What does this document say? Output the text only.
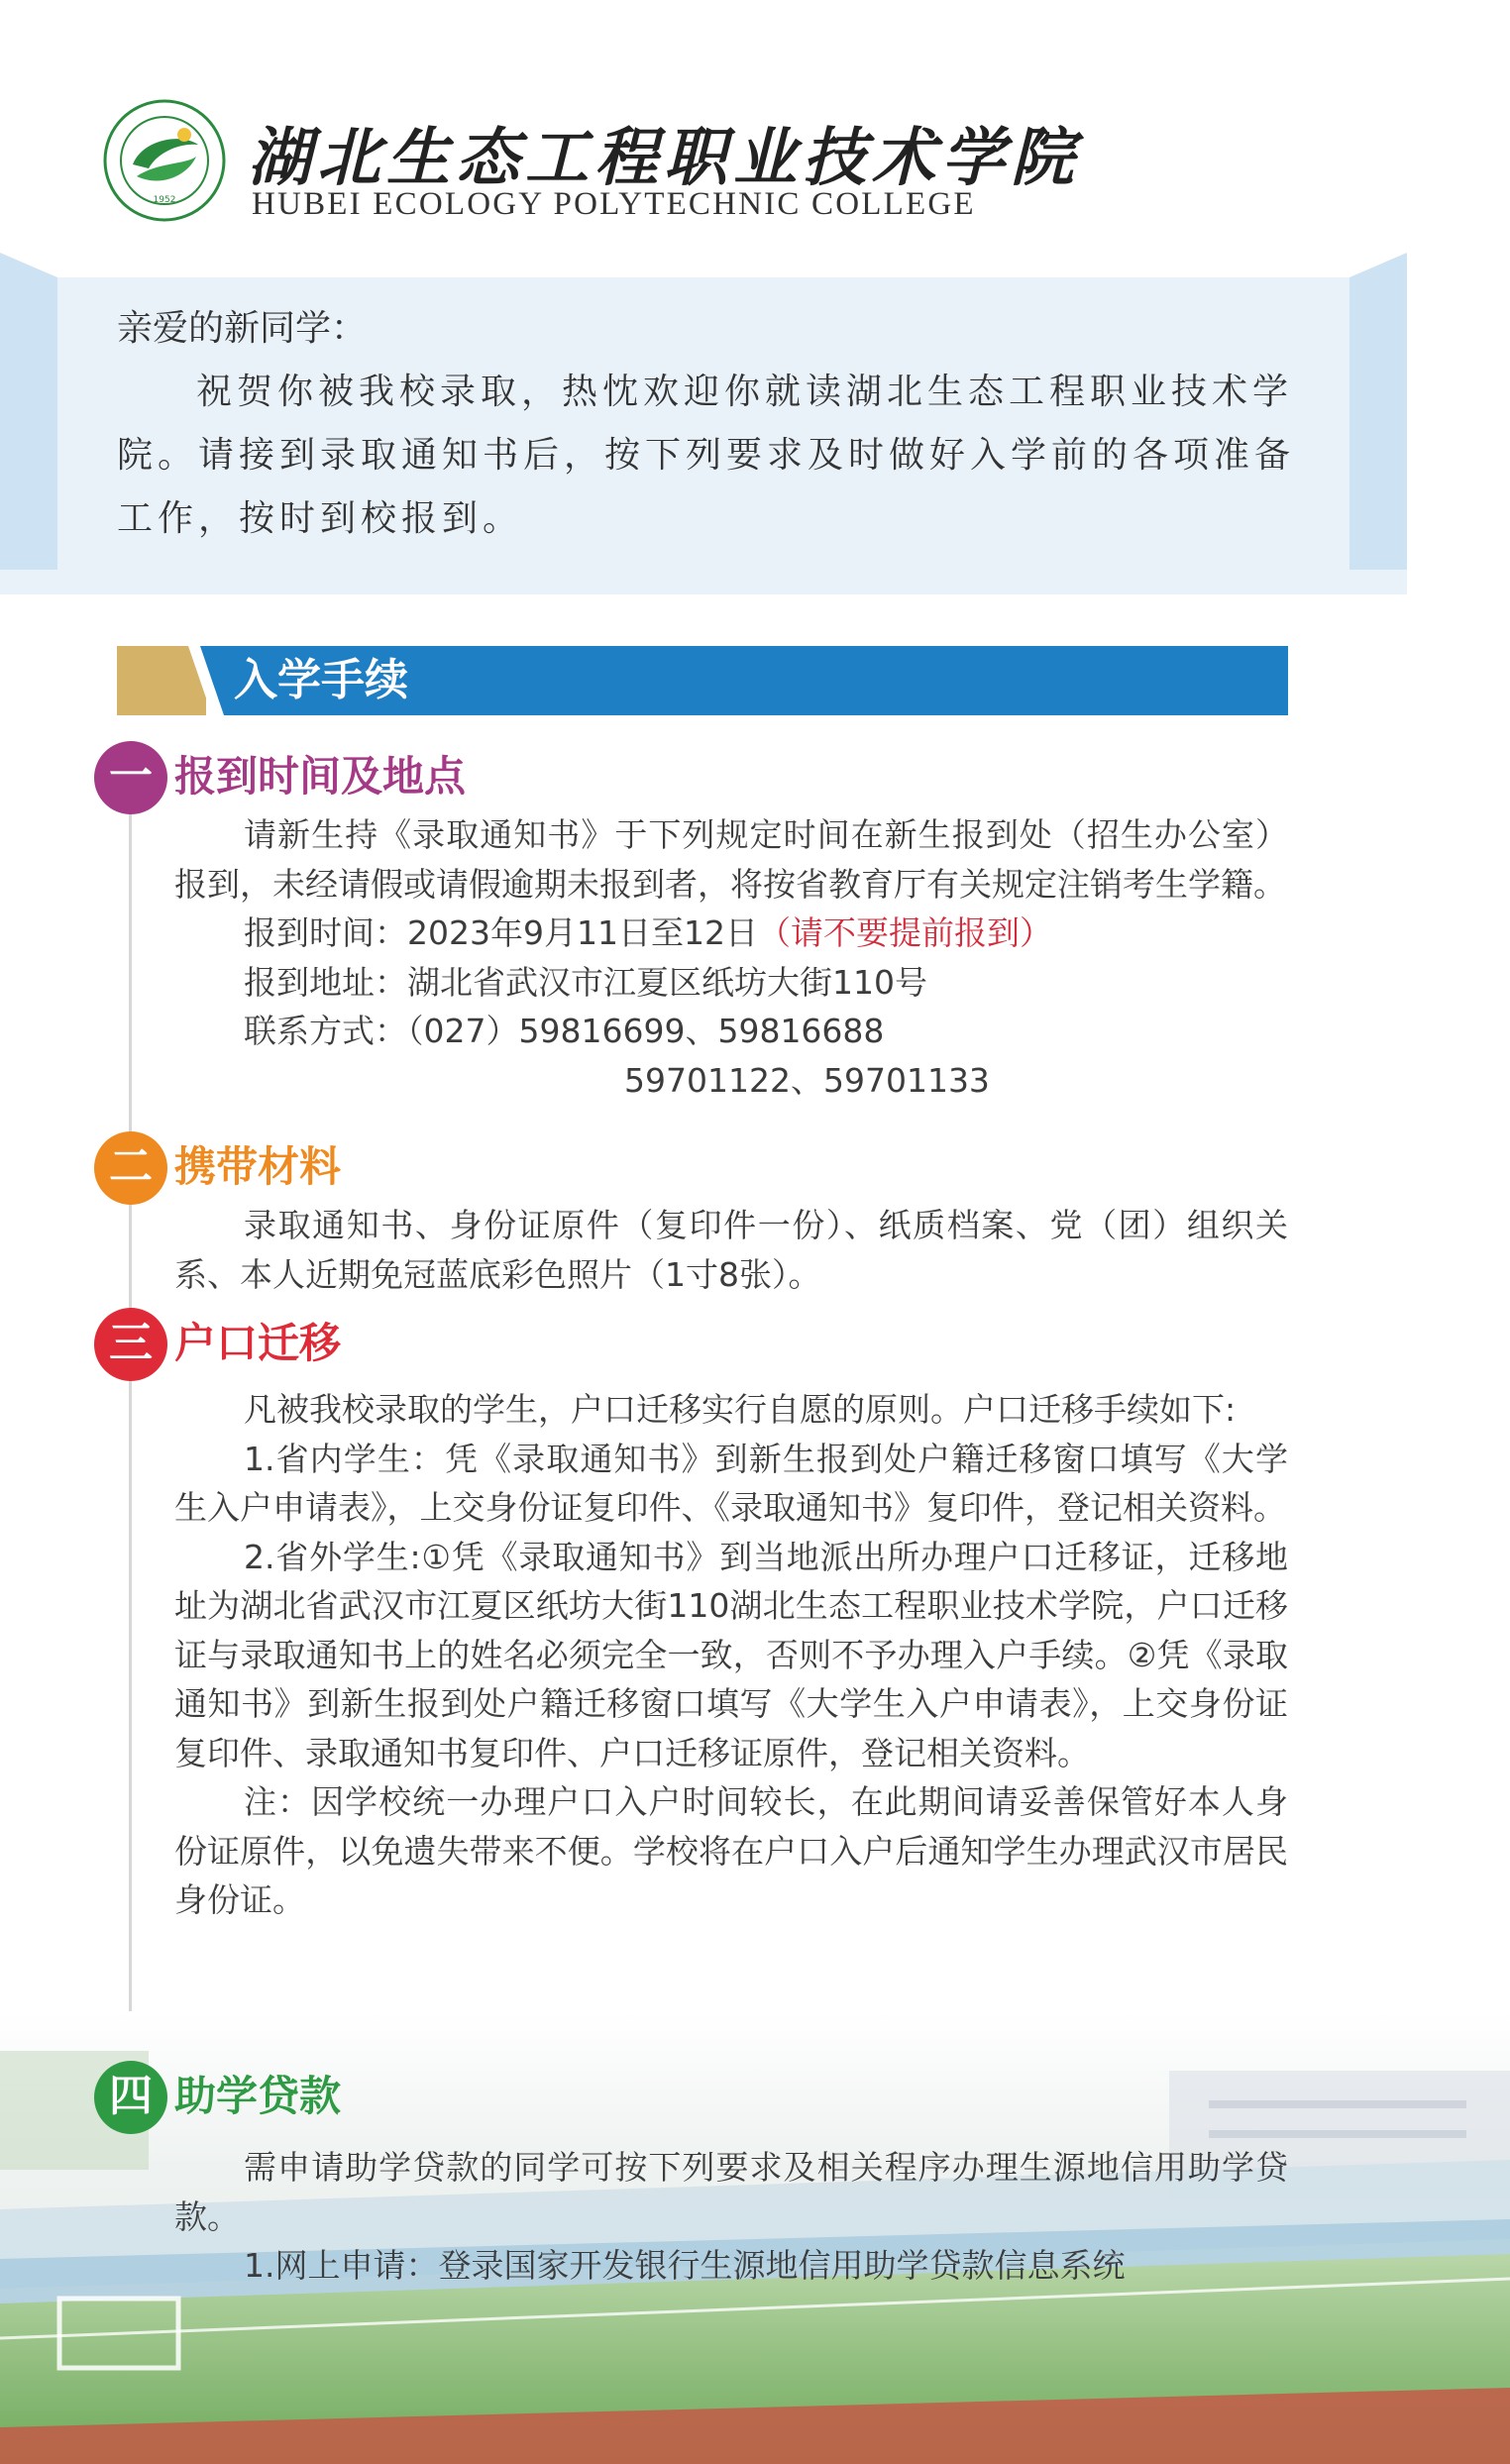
1952
湖北生态工程职业技术学院
HUBEI ECOLOGY POLYTECHNIC COLLEGE

亲爱的新同学：

祝贺你被我校录取，热忱欢迎你就读湖北生态工程职业技术学院。请接到录取通知书后，按下列要求及时做好入学前的各项准备工作，按时到校报到。

入学手续
一 报到时间及地点

请新生持《录取通知书》于下列规定时间在新生报到处（招生办公室）报到，未经请假或请假逾期未报到者，将按省教育厅有关规定注销考生学籍。

报到时间：2023年9月11日至12日（请不要提前报到）

报到地址：湖北省武汉市江夏区纸坊大街110号

联系方式：（027）59816699、59816688

59701122、59701133

二 携带材料

录取通知书、身份证原件（复印件一份）、纸质档案、党（团）组织关系、本人近期免冠蓝底彩色照片（1寸8张）。

三 户口迁移

凡被我校录取的学生，户口迁移实行自愿的原则。户口迁移手续如下:

1.省内学生：凭《录取通知书》到新生报到处户籍迁移窗口填写《大学生入户申请表》，上交身份证复印件、《录取通知书》复印件，登记相关资料。

2.省外学生:①凭《录取通知书》到当地派出所办理户口迁移证，迁移地址为湖北省武汉市江夏区纸坊大街110湖北生态工程职业技术学院，户口迁移证与录取通知书上的姓名必须完全一致，否则不予办理入户手续。②凭《录取通知书》到新生报到处户籍迁移窗口填写《大学生入户申请表》，上交身份证复印件、录取通知书复印件、户口迁移证原件，登记相关资料。

注：因学校统一办理户口入户时间较长，在此期间请妥善保管好本人身份证原件，以免遗失带来不便。学校将在户口入户后通知学生办理武汉市居民身份证。

四 助学贷款

需申请助学贷款的同学可按下列要求及相关程序办理生源地信用助学贷款。

1.网上申请：登录国家开发银行生源地信用助学贷款信息系统
